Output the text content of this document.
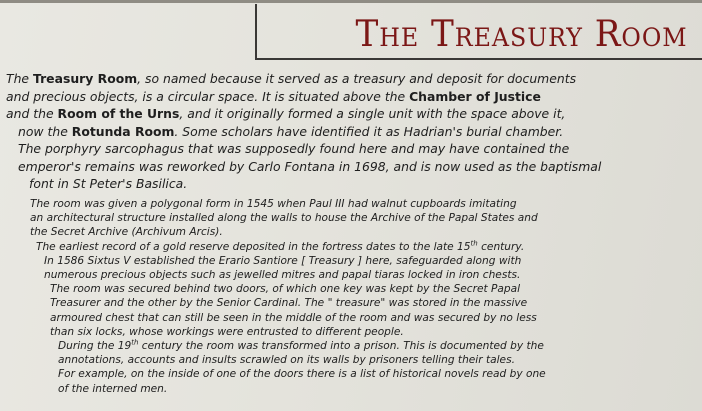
The Treasury Room
The Treasury Room, so named because it served as a treasury and deposit for documents
and precious objects, is a circular space. It is situated above the Chamber of Justice
and the Room of the Urns, and it originally formed a single unit with the space above it,
now the Rotunda Room. Some scholars have identified it as Hadrian's burial chamber.
The porphyry sarcophagus that was supposedly found here and may have contained the
emperor's remains was reworked by Carlo Fontana in 1698, and is now used as the baptismal
font in St Peter's Basilica.
The room was given a polygonal form in 1545 when Paul III had walnut cupboards imitating
an architectural structure installed along the walls to house the Archive of the Papal States and
the Secret Archive (Archivum Arcis).
The earliest record of a gold reserve deposited in the fortress dates to the late 15th century.
In 1586 Sixtus V established the Erario Santiore [ Treasury ] here, safeguarded along with
numerous precious objects such as jewelled mitres and papal tiaras locked in iron chests.
The room was secured behind two doors, of which one key was kept by the Secret Papal
Treasurer and the other by the Senior Cardinal. The " treasure" was stored in the massive
armoured chest that can still be seen in the middle of the room and was secured by no less
than six locks, whose workings were entrusted to different people.
During the 19th century the room was transformed into a prison. This is documented by the
annotations, accounts and insults scrawled on its walls by prisoners telling their tales.
For example, on the inside of one of the doors there is a list of historical novels read by one
of the interned men.
